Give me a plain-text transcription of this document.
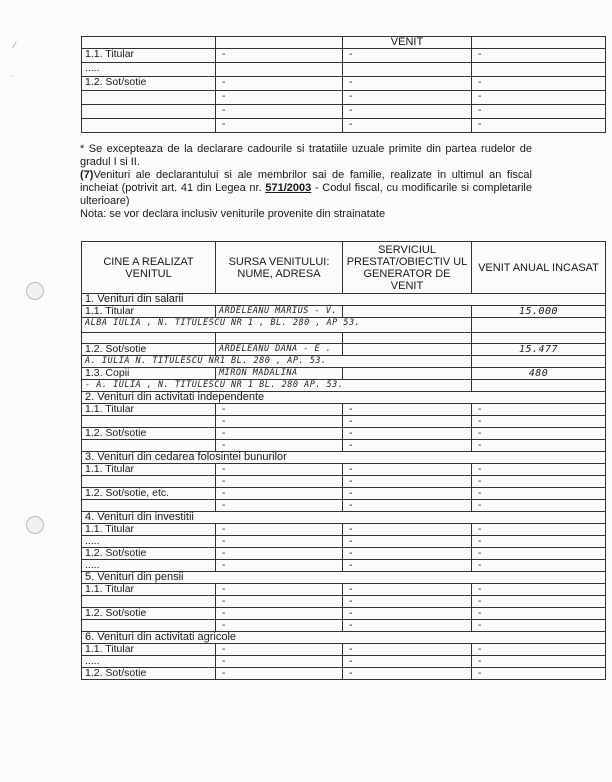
⁄
·
		VENIT	
1.1. Titular	-	-	-
.....			
1.2. Sot/sotie	-	-	-
	-	-	-
	-	-	-
	-	-	-

* Se excepteaza de la declarare cadourile si tratatiile uzuale primite din partea rudelor de gradul I si II.

(7)Venituri ale declarantului si ale membrilor sai de familie, realizate in ultimul an fiscal incheiat (potrivit art. 41 din Legea nr. 571/2003 - Codul fiscal, cu modificarile si completarile ulterioare)

Nota: se vor declara inclusiv veniturile provenite din strainatate

CINE A REALIZAT VENITUL	SURSA VENITULUI: NUME, ADRESA	SERVICIUL PRESTAT/OBIECTIV UL GENERATOR DE VENIT	VENIT ANUAL INCASAT
1. Venituri din salarii			
1.1. Titular	ARDELEANU MARIUS - V.		15.000
ALBA IULIA , N. TITULESCU NR 1 , BL. 280 , AP 53.			

1.2. Sot/sotie	ARDELEANU DANA - E .		15.477
A. IULIA N. TITULESCU NR1 BL. 280 , AP. 53.			
1.3. Copii	MIRON MADALINA		480
- A. IULIA , N. TITULESCU NR 1 BL. 280 AP. 53.			
2. Venituri din activitati independente			
1.1. Titular	-	-	-
	-	-	-
1.2. Sot/sotie	-	-	-
	-	-	-
3. Venituri din cedarea folosintei bunurilor			
1.1. Titular	-	-	-
	-	-	-
1.2. Sot/sotie, etc.	-	-	-
	-	-	-
4. Venituri din investitii			
1.1. Titular	-	-	-
.....	-	-	-
1.2. Sot/sotie	-	-	-
.....	-	-	-
5. Venituri din pensii			
1.1. Titular	-	-	-
	-	-	-
1.2. Sot/sotie	-	-	-
	-	-	-
6. Venituri din activitati agricole			
1.1. Titular	-	-	-
.....	-	-	-
1.2. Sot/sotie	-	-	-
